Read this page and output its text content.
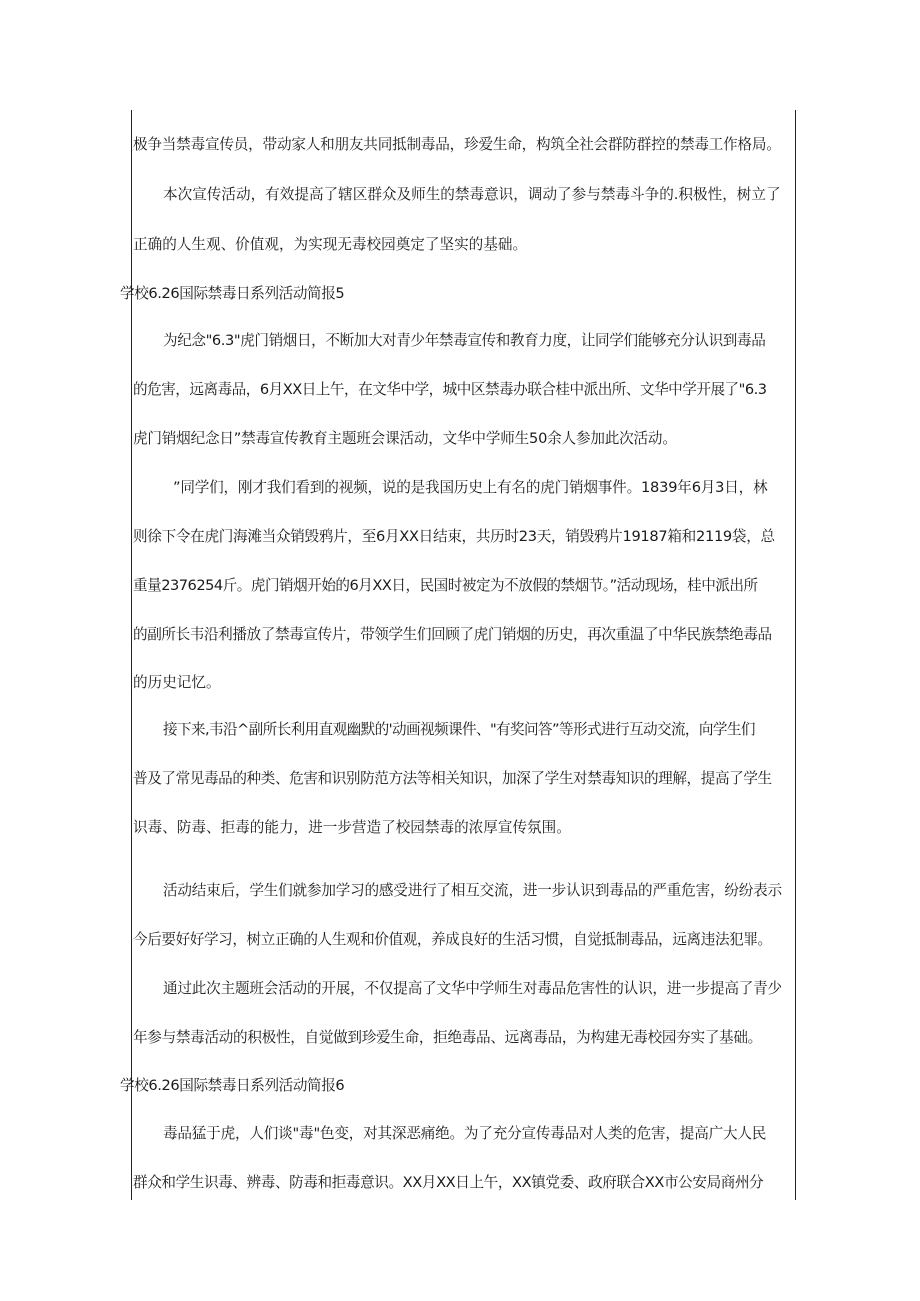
极争当禁毒宣传员，带动家人和朋友共同抵制毒品，珍爱生命，构筑全社会群防群控的禁毒工作格局。
本次宣传活动，有效提高了辖区群众及师生的禁毒意识，调动了参与禁毒斗争的.积极性，树立了
正确的人生观、价值观，为实现无毒校园奠定了坚实的基础。
学校6.26国际禁毒日系列活动简报5
为纪念"6.3"虎门销烟日，不断加大对青少年禁毒宣传和教育力度，让同学们能够充分认识到毒品
的危害，远离毒品，6月XX日上午，在文华中学，城中区禁毒办联合桂中派出所、文华中学开展了"6.3
虎门销烟纪念日”禁毒宣传教育主题班会课活动，文华中学师生50余人参加此次活动。
”同学们，刚才我们看到的视频，说的是我国历史上有名的虎门销烟事件。1839年6月3日，林
则徐下令在虎门海滩当众销毁鸦片，至6月XX日结束，共历时23天，销毁鸦片19187箱和2119袋，总
重量2376254斤。虎门销烟开始的6月XX日，民国时被定为不放假的禁烟节。”活动现场，桂中派出所
的副所长韦沿利播放了禁毒宣传片，带领学生们回顾了虎门销烟的历史，再次重温了中华民族禁绝毒品
的历史记忆。
接下来,韦沿^副所长利用直观幽默的'动画视频课件、"有奖问答”等形式进行互动交流，向学生们
普及了常见毒品的种类、危害和识别防范方法等相关知识，加深了学生对禁毒知识的理解，提高了学生
识毒、防毒、拒毒的能力，进一步营造了校园禁毒的浓厚宣传氛围。
活动结束后，学生们就参加学习的感受进行了相互交流，进一步认识到毒品的严重危害，纷纷表示
今后要好好学习，树立正确的人生观和价值观，养成良好的生活习惯，自觉抵制毒品，远离违法犯罪。
通过此次主题班会活动的开展，不仅提高了文华中学师生对毒品危害性的认识，进一步提高了青少
年参与禁毒活动的积极性，自觉做到珍爱生命，拒绝毒品、远离毒品，为构建无毒校园夯实了基础。
学校6.26国际禁毒日系列活动简报6
毒品猛于虎，人们谈"毒"色变，对其深恶痛绝。为了充分宣传毒品对人类的危害，提高广大人民
群众和学生识毒、辨毒、防毒和拒毒意识。XX月XX日上午，XX镇党委、政府联合XX市公安局商州分
